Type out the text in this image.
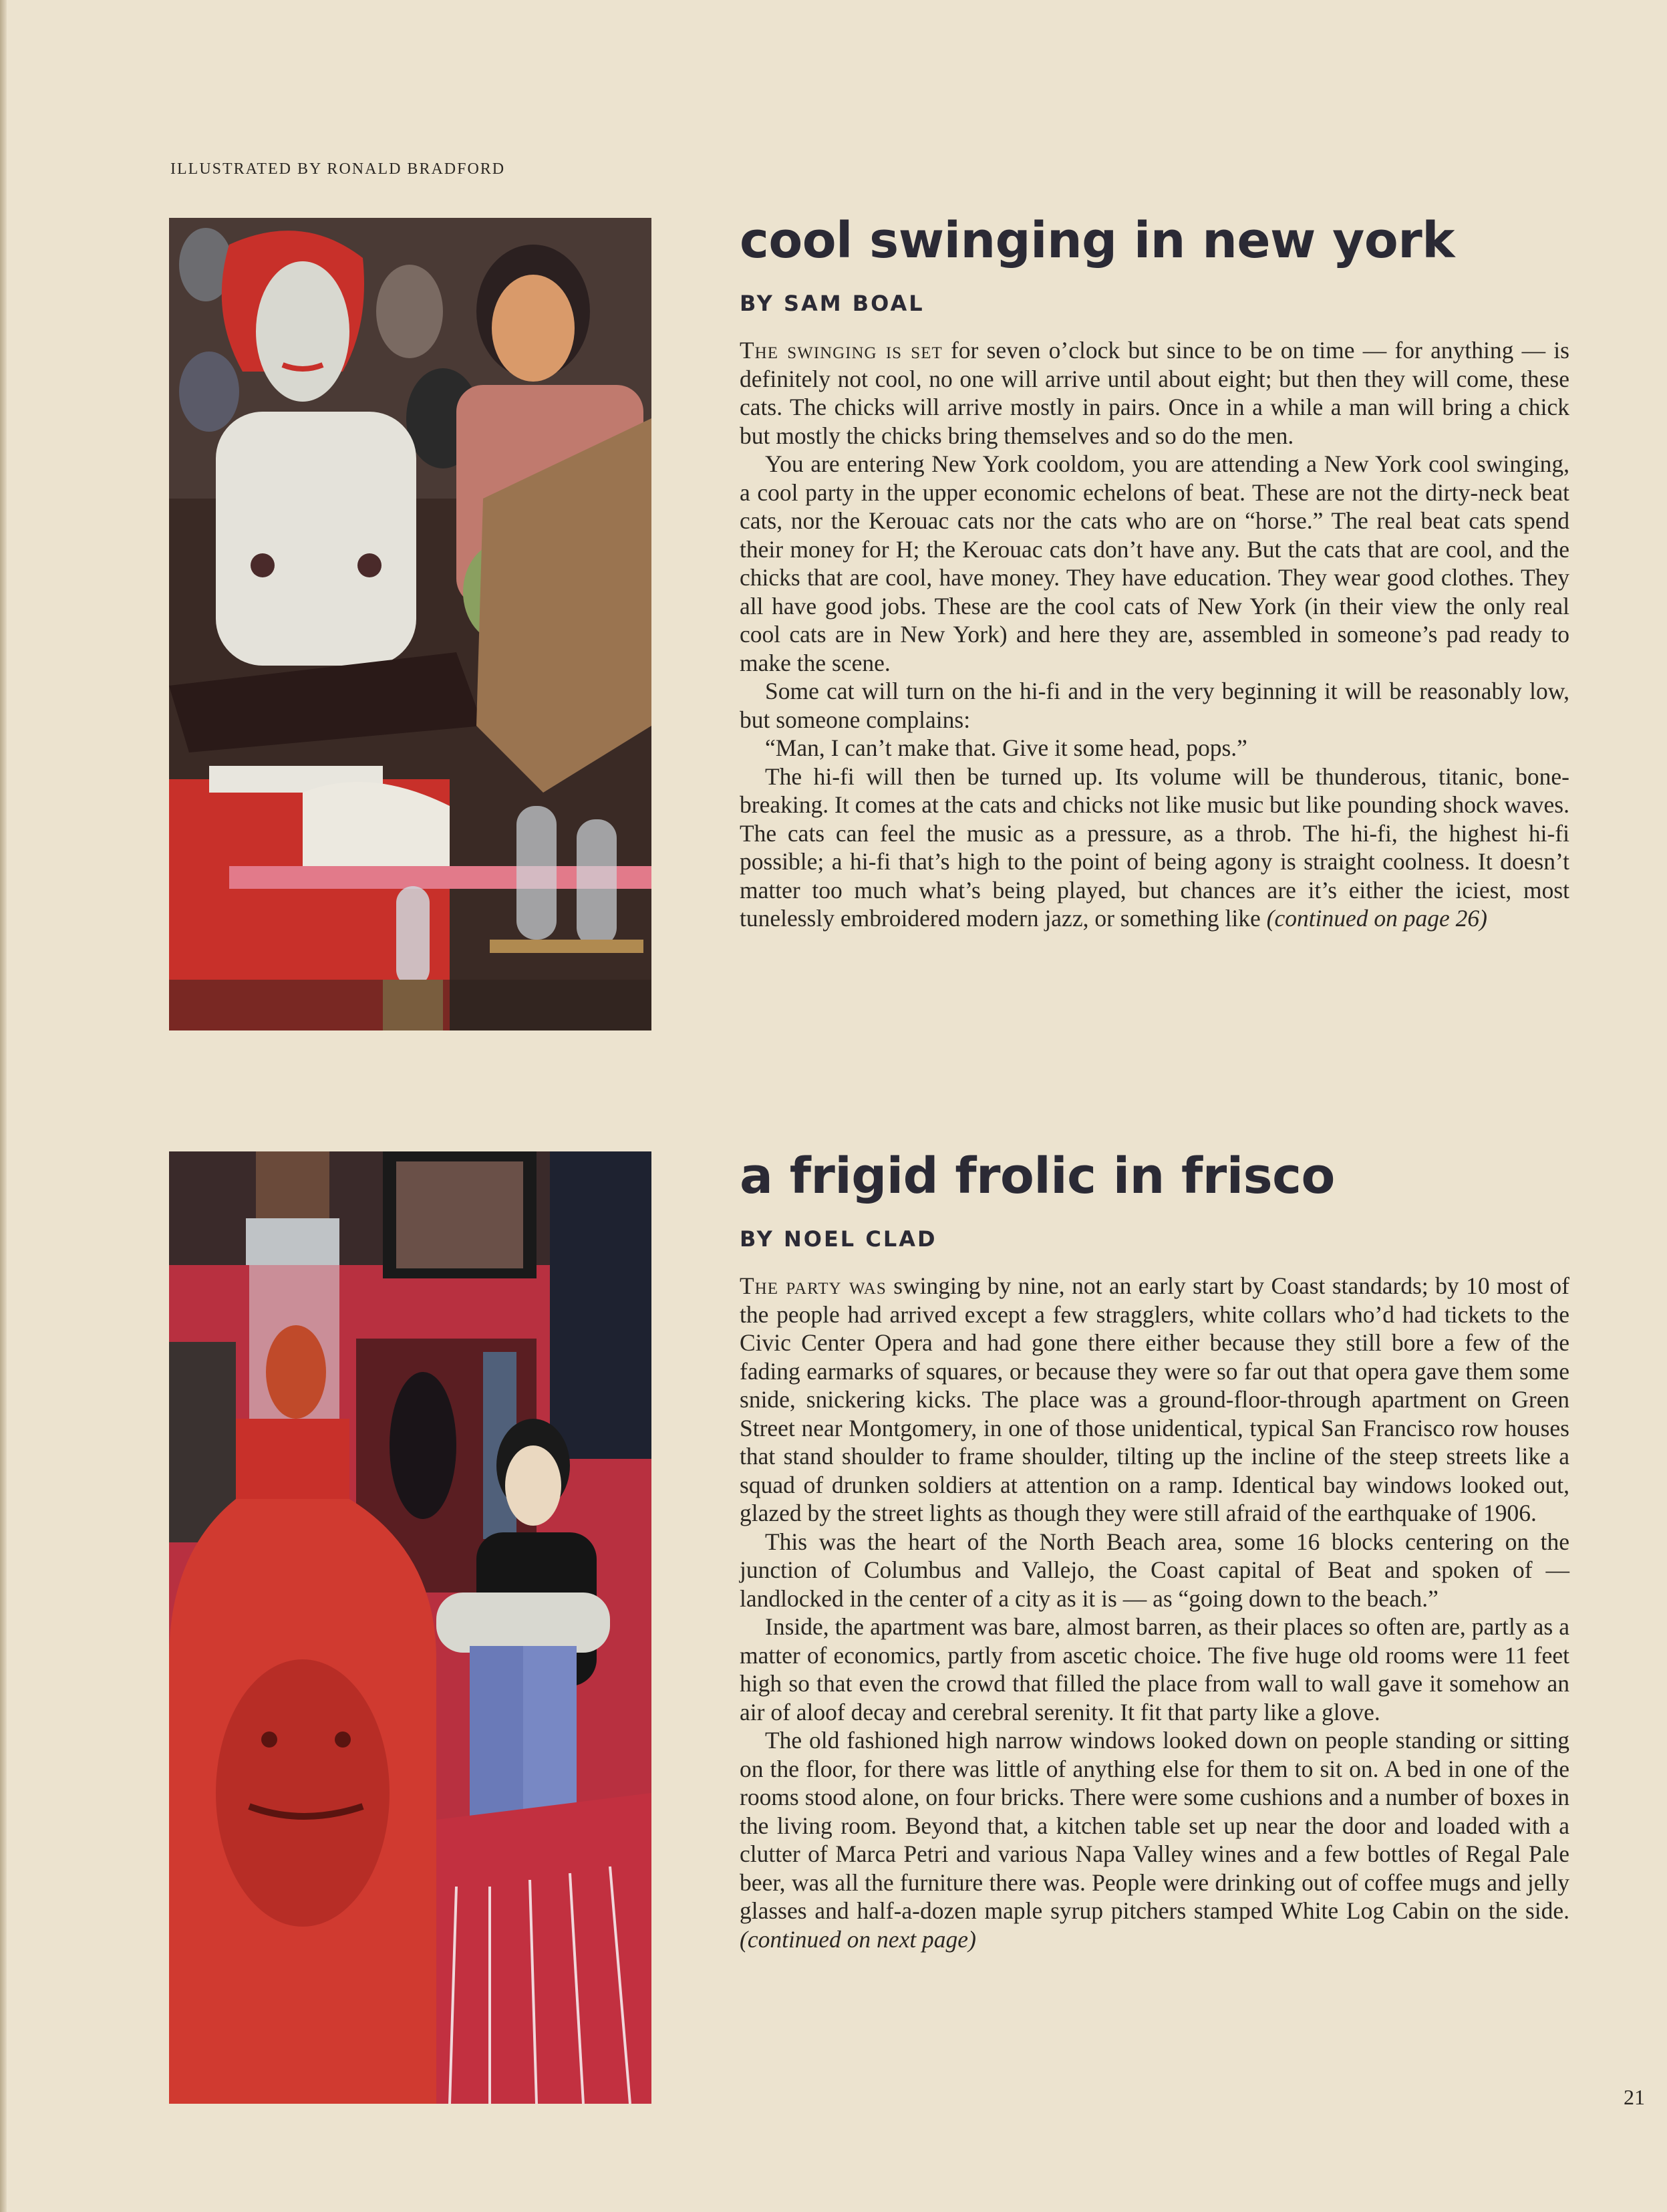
ILLUSTRATED BY RONALD BRADFORD
cool swinging in new york
BY SAM BOAL

The swinging is set for seven o’clock but since to be on time — for anything — is definitely not cool, no one will arrive until about eight; but then they will come, these cats. The chicks will arrive mostly in pairs. Once in a while a man will bring a chick but mostly the chicks bring themselves and so do the men.

You are entering New York cooldom, you are attending a New York cool swinging, a cool party in the upper economic echelons of beat. These are not the dirty-neck beat cats, nor the Kerouac cats nor the cats who are on “horse.” The real beat cats spend their money for H; the Kerouac cats don’t have any. But the cats that are cool, and the chicks that are cool, have money. They have education. They wear good clothes. They all have good jobs. These are the cool cats of New York (in their view the only real cool cats are in New York) and here they are, assembled in someone’s pad ready to make the scene.

Some cat will turn on the hi-fi and in the very beginning it will be reasonably low, but someone complains:

“Man, I can’t make that. Give it some head, pops.”

The hi-fi will then be turned up. Its volume will be thunderous, titanic, bone-breaking. It comes at the cats and chicks not like music but like pounding shock waves. The cats can feel the music as a pressure, as a throb. The hi-fi, the highest hi-fi possible; a hi-fi that’s high to the point of being agony is straight coolness. It doesn’t matter too much what’s being played, but chances are it’s either the iciest, most tunelessly embroidered modern jazz, or something like (continued on page 26)

a frigid frolic in frisco
BY NOEL CLAD

The party was swinging by nine, not an early start by Coast standards; by 10 most of the people had arrived except a few stragglers, white collars who’d had tickets to the Civic Center Opera and had gone there either because they still bore a few of the fading earmarks of squares, or because they were so far out that opera gave them some snide, snickering kicks. The place was a ground-floor-through apartment on Green Street near Montgomery, in one of those unidentical, typical San Francisco row houses that stand shoulder to frame shoulder, tilting up the incline of the steep streets like a squad of drunken soldiers at attention on a ramp. Identical bay windows looked out, glazed by the street lights as though they were still afraid of the earthquake of 1906.

This was the heart of the North Beach area, some 16 blocks centering on the junction of Columbus and Vallejo, the Coast capital of Beat and spoken of — landlocked in the center of a city as it is — as “going down to the beach.”

Inside, the apartment was bare, almost barren, as their places so often are, partly as a matter of economics, partly from ascetic choice. The five huge old rooms were 11 feet high so that even the crowd that filled the place from wall to wall gave it somehow an air of aloof decay and cerebral serenity. It fit that party like a glove.

The old fashioned high narrow windows looked down on people standing or sitting on the floor, for there was little of anything else for them to sit on. A bed in one of the rooms stood alone, on four bricks. There were some cushions and a number of boxes in the living room. Beyond that, a kitchen table set up near the door and loaded with a clutter of Marca Petri and various Napa Valley wines and a few bottles of Regal Pale beer, was all the furniture there was. People were drinking out of coffee mugs and jelly glasses and half-a-dozen maple syrup pitchers stamped White Log Cabin on the side. (continued on next page)

21
